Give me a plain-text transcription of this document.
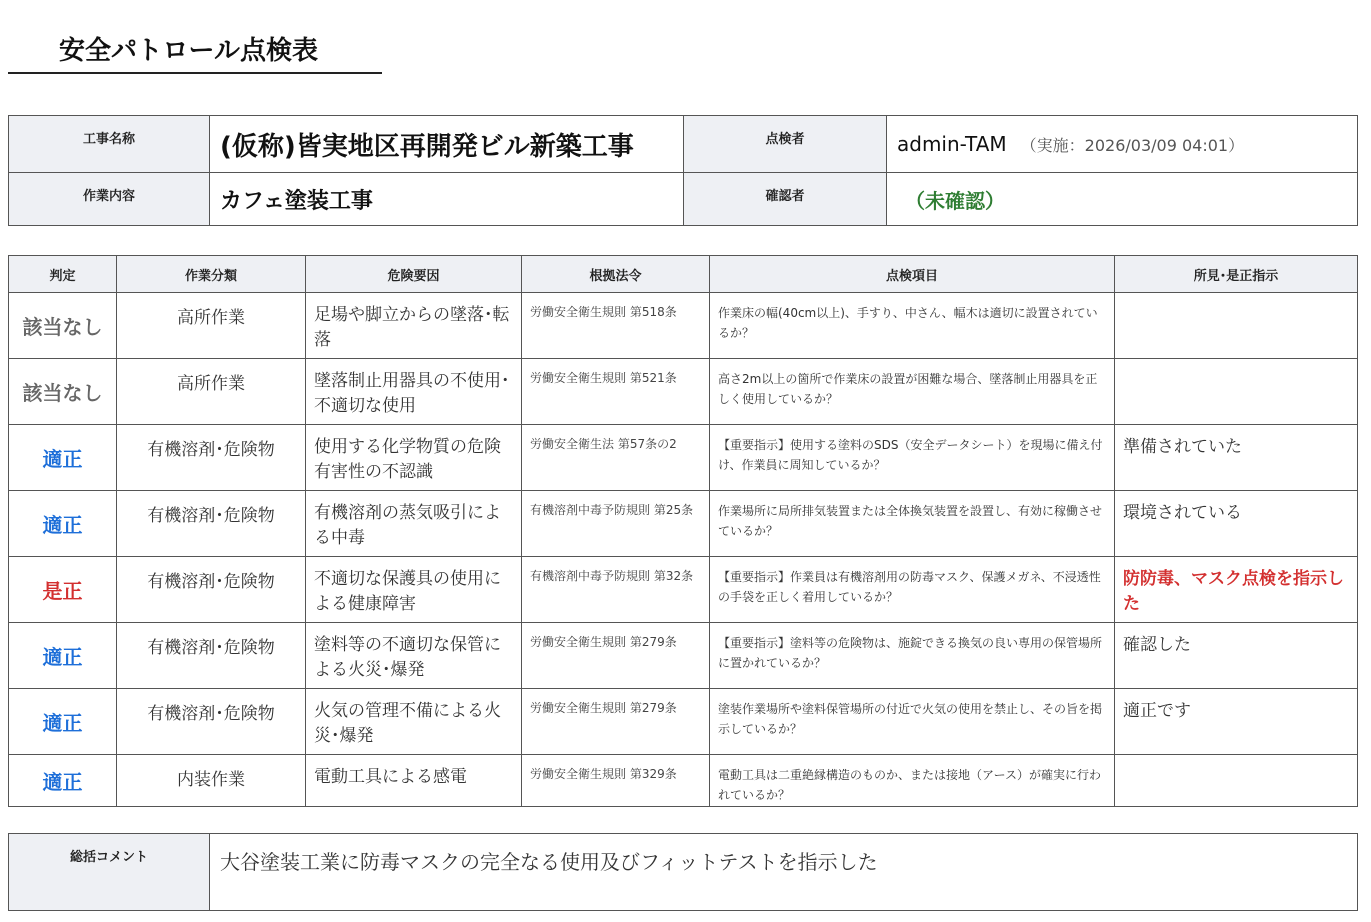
安全パトロール点検表
工事名称	(仮称)皆実地区再開発ビル新築工事	点検者	admin-TAM （実施：2026/03/09 04:01）
作業内容	カフェ塗装工事	確認者	（未確認）
判定	作業分類	危険要因	根拠法令	点検項目	所見･是正指示
該当なし	高所作業	足場や脚立からの墜落･転落	労働安全衛生規則 第518条	作業床の幅(40cm以上)、手すり、中さん、幅木は適切に設置されているか？	
該当なし	高所作業	墜落制止用器具の不使用･不適切な使用	労働安全衛生規則 第521条	高さ2m以上の箇所で作業床の設置が困難な場合、墜落制止用器具を正しく使用しているか？	
適正	有機溶剤･危険物	使用する化学物質の危険有害性の不認識	労働安全衛生法 第57条の2	【重要指示】使用する塗料のSDS（安全データシート）を現場に備え付け、作業員に周知しているか？	準備されていた
適正	有機溶剤･危険物	有機溶剤の蒸気吸引による中毒	有機溶剤中毒予防規則 第25条	作業場所に局所排気装置または全体換気装置を設置し、有効に稼働させているか？	環境されている
是正	有機溶剤･危険物	不適切な保護具の使用による健康障害	有機溶剤中毒予防規則 第32条	【重要指示】作業員は有機溶剤用の防毒マスク、保護メガネ、不浸透性の手袋を正しく着用しているか？	防防毒、マスク点検を指示した
適正	有機溶剤･危険物	塗料等の不適切な保管による火災･爆発	労働安全衛生規則 第279条	【重要指示】塗料等の危険物は、施錠できる換気の良い専用の保管場所に置かれているか？	確認した
適正	有機溶剤･危険物	火気の管理不備による火災･爆発	労働安全衛生規則 第279条	塗装作業場所や塗料保管場所の付近で火気の使用を禁止し、その旨を掲示しているか？	適正です
適正	内装作業	電動工具による感電	労働安全衛生規則 第329条	電動工具は二重絶縁構造のものか、または接地（アース）が確実に行われているか？	
総括コメント	大谷塗装工業に防毒マスクの完全なる使用及びフィットテストを指示した
